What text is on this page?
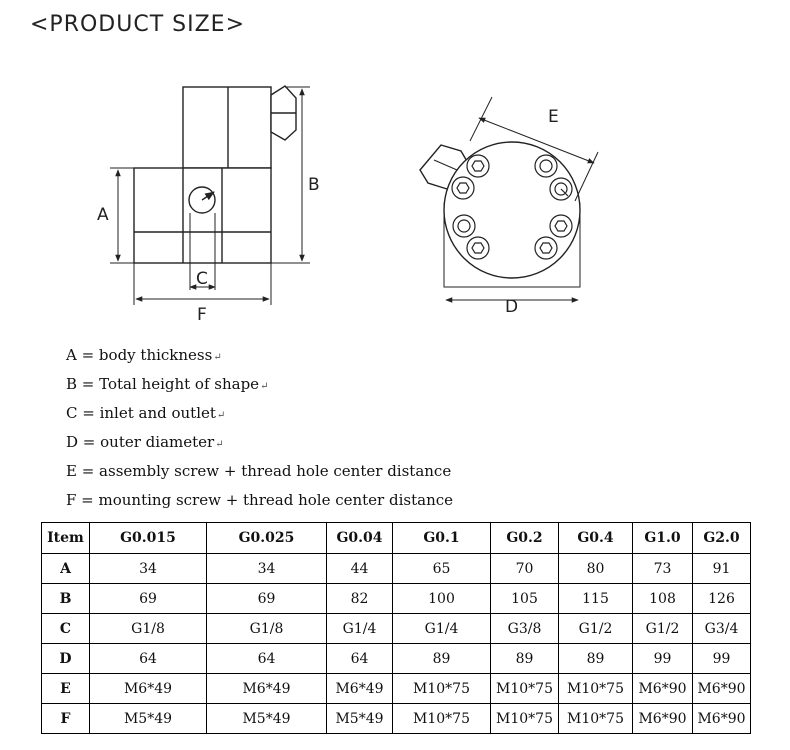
<PRODUCT SIZE>
A
B
C
F
E
D
A = body thickness↵
B = Total height of shape↵
C = inlet and outlet↵
D = outer diameter↵
E = assembly screw + thread hole center distance
F = mounting screw + thread hole center distance
Item	G0.015	G0.025	G0.04	G0.1	G0.2	G0.4	G1.0	G2.0
A	34	34	44	65	70	80	73	91
B	69	69	82	100	105	115	108	126
C	G1/8	G1/8	G1/4	G1/4	G3/8	G1/2	G1/2	G3/4
D	64	64	64	89	89	89	99	99
E	M6*49	M6*49	M6*49	M10*75	M10*75	M10*75	M6*90	M6*90
F	M5*49	M5*49	M5*49	M10*75	M10*75	M10*75	M6*90	M6*90
